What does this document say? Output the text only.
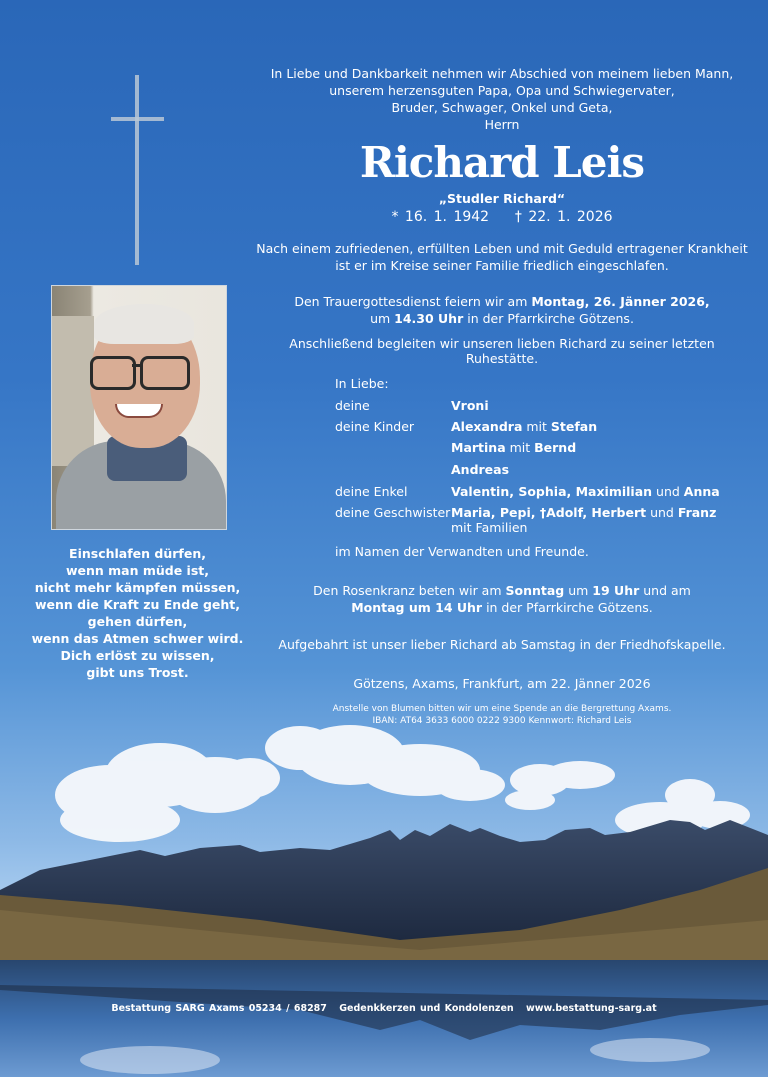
In Liebe und Dankbarkeit nehmen wir Abschied von meinem lieben Mann,
unserem herzensguten Papa, Opa und Schwiegervater,
Bruder, Schwager, Onkel und Geta,
Herrn
Richard Leis
„Studler Richard“
* 16. 1. 1942 † 22. 1. 2026
Nach einem zufriedenen, erfüllten Leben und mit Geduld ertragener Krankheit
ist er im Kreise seiner Familie friedlich eingeschlafen.
Den Trauergottesdienst feiern wir am Montag, 26. Jänner 2026,
um 14.30 Uhr in der Pfarrkirche Götzens.
Anschließend begleiten wir unseren lieben Richard zu seiner letzten Ruhestätte.
In Liebe:
deine	Vroni
deine Kinder	Alexandra mit Stefan
Martina mit Bernd
Andreas
deine Enkel	Valentin, Sophia, Maximilian und Anna
deine Geschwister Maria, Pepi, †Adolf, Herbert und Franz
mit Familien
im Namen der Verwandten und Freunde.
Den Rosenkranz beten wir am Sonntag um 19 Uhr und am
Montag um 14 Uhr in der Pfarrkirche Götzens.
Aufgebahrt ist unser lieber Richard ab Samstag in der Friedhofskapelle.
Götzens, Axams, Frankfurt, am 22. Jänner 2026
Anstelle von Blumen bitten wir um eine Spende an die Bergrettung Axams.
IBAN: AT64 3633 6000 0222 9300 Kennwort: Richard Leis
Einschlafen dürfen,
wenn man müde ist,
nicht mehr kämpfen müssen,
wenn die Kraft zu Ende geht,
gehen dürfen,
wenn das Atmen schwer wird.
Dich erlöst zu wissen,
gibt uns Trost.
Bestattung SARG Axams 05234 / 68287 Gedenkkerzen und Kondolenzen www.bestattung-sarg.at
